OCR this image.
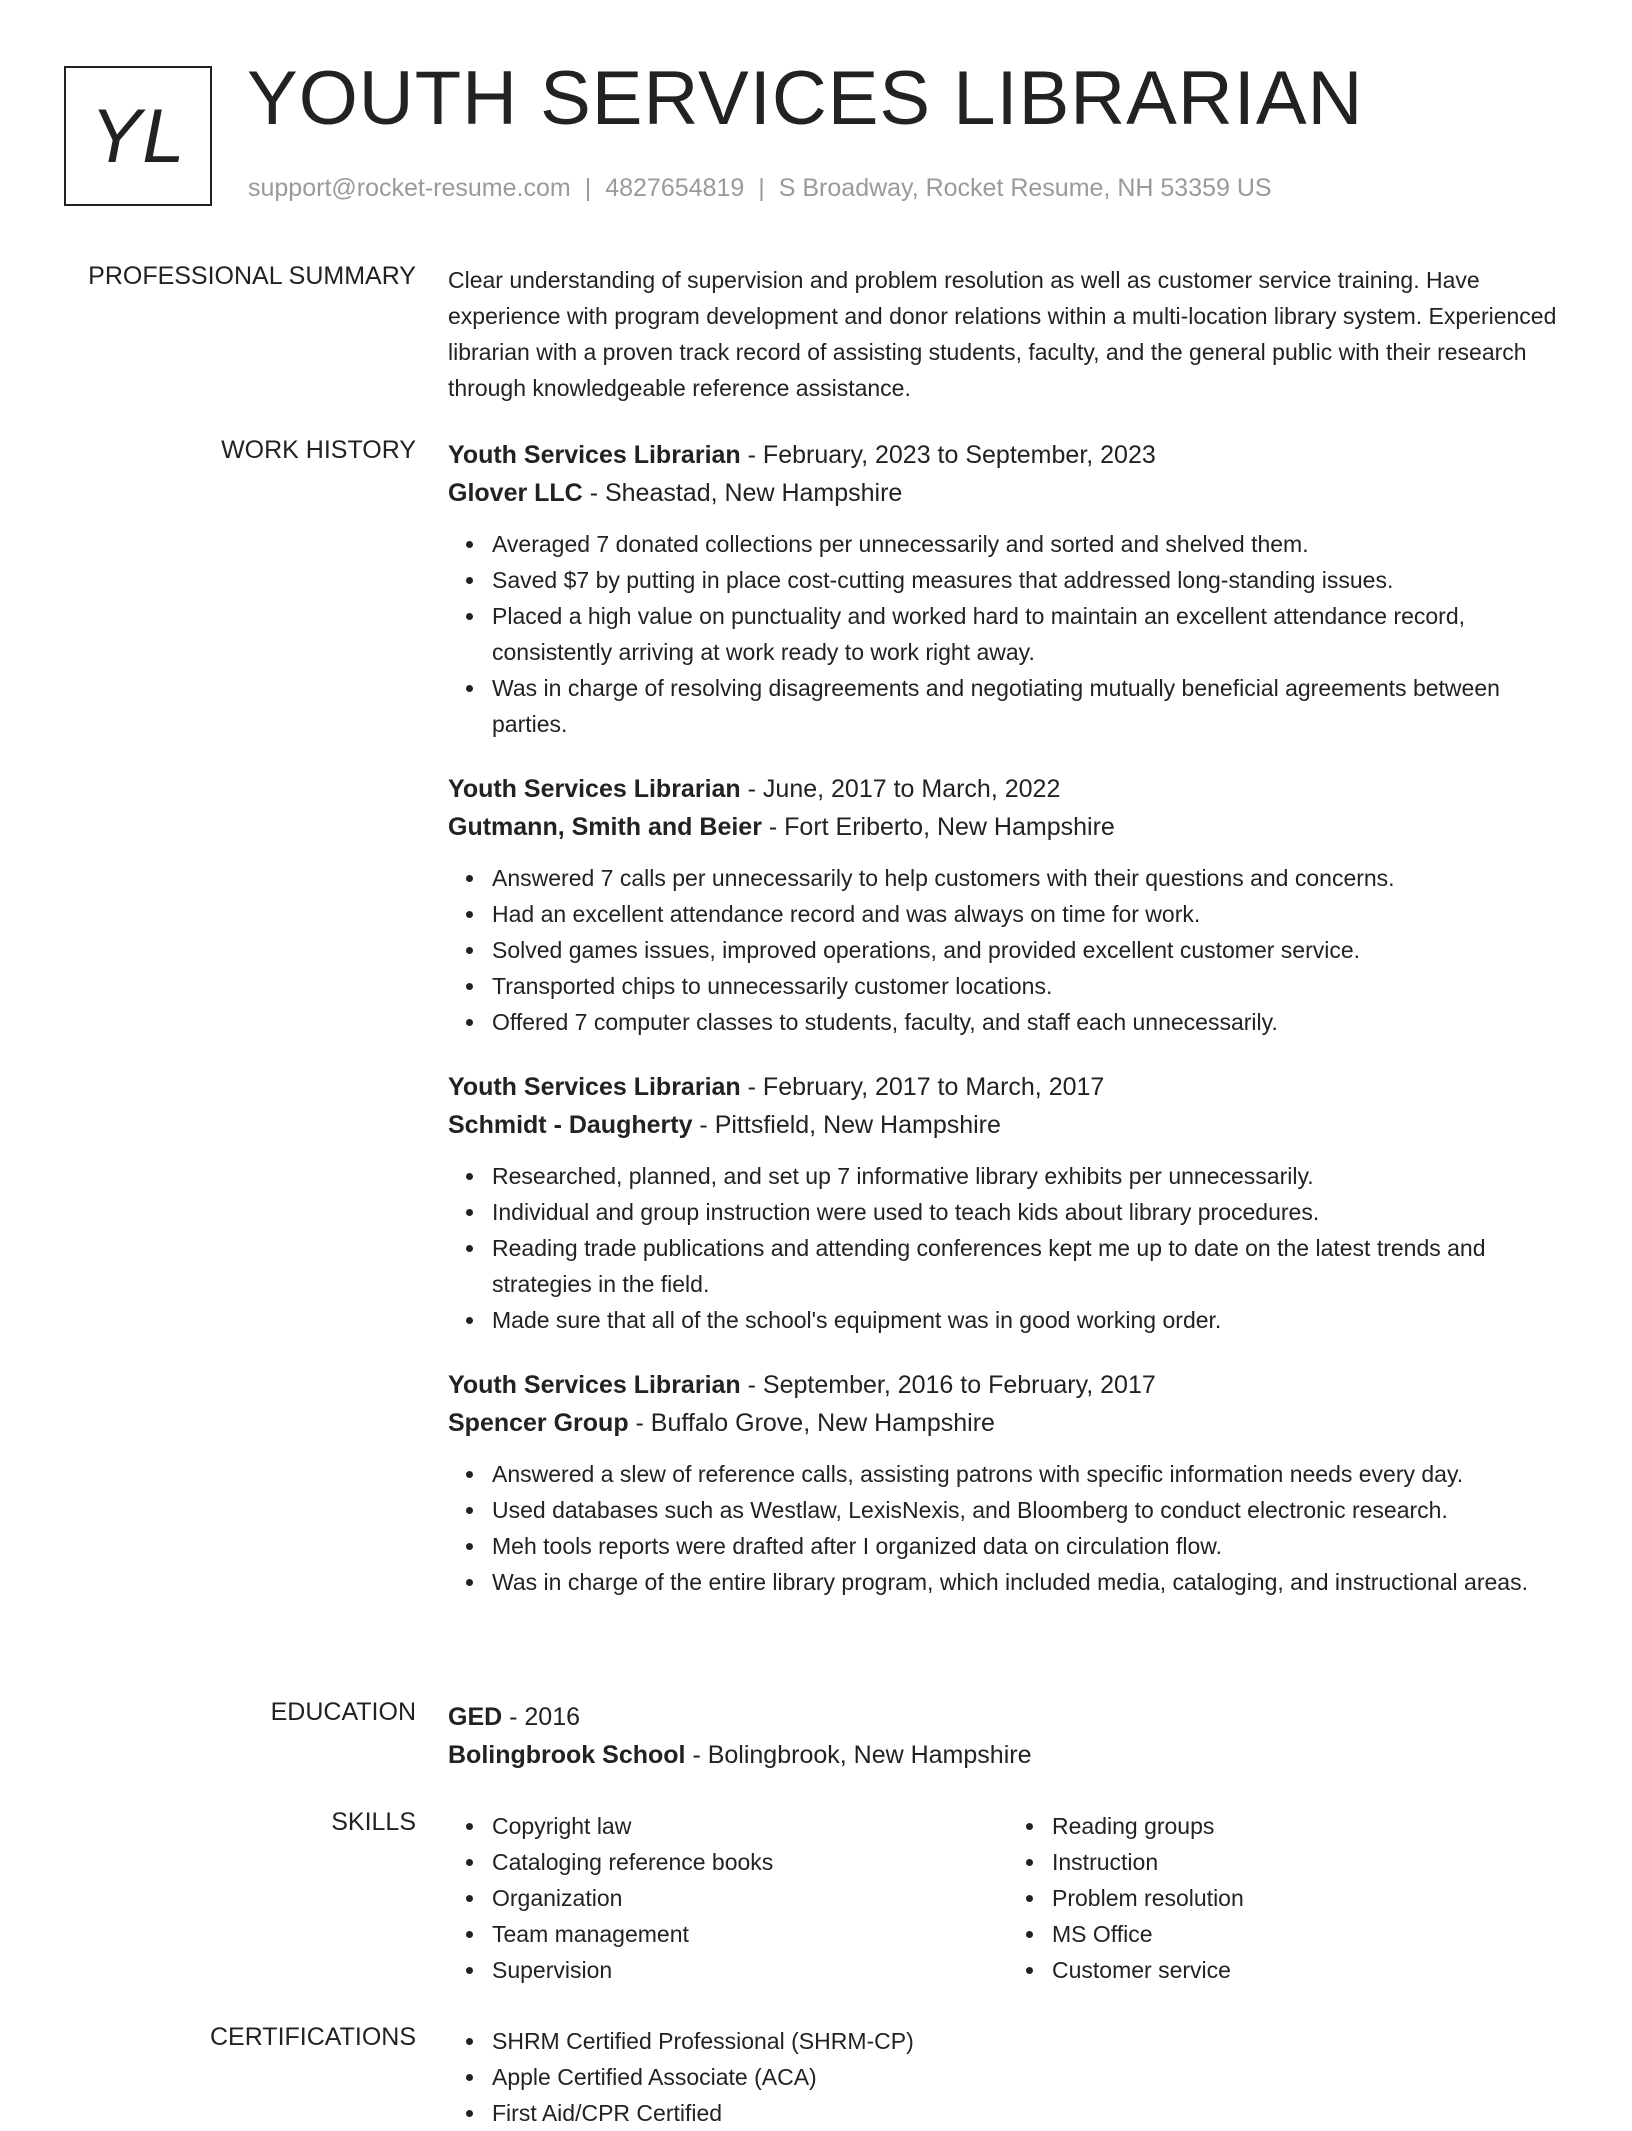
YL YOUTH SERVICES LIBRARIAN
support@rocket-resume.com | 4827654819 | S Broadway, Rocket Resume, NH 53359 US
PROFESSIONAL SUMMARY Clear understanding of supervision and problem resolution as well as customer service training. Have experience with program development and donor relations within a multi-location library system. Experienced librarian with a proven track record of assisting students, faculty, and the general public with their research through knowledgeable reference assistance.

WORK HISTORY Youth Services Librarian - February, 2023 to September, 2023
Glover LLC - Sheastad, New Hampshire
Averaged 7 donated collections per unnecessarily and sorted and shelved them.
Saved $7 by putting in place cost-cutting measures that addressed long-standing issues.
Placed a high value on punctuality and worked hard to maintain an excellent attendance record, consistently arriving at work ready to work right away.
Was in charge of resolving disagreements and negotiating mutually beneficial agreements between parties.
Youth Services Librarian - June, 2017 to March, 2022
Gutmann, Smith and Beier - Fort Eriberto, New Hampshire
Answered 7 calls per unnecessarily to help customers with their questions and concerns.
Had an excellent attendance record and was always on time for work.
Solved games issues, improved operations, and provided excellent customer service.
Transported chips to unnecessarily customer locations.
Offered 7 computer classes to students, faculty, and staff each unnecessarily.
Youth Services Librarian - February, 2017 to March, 2017
Schmidt - Daugherty - Pittsfield, New Hampshire
Researched, planned, and set up 7 informative library exhibits per unnecessarily.
Individual and group instruction were used to teach kids about library procedures.
Reading trade publications and attending conferences kept me up to date on the latest trends and strategies in the field.
Made sure that all of the school's equipment was in good working order.
Youth Services Librarian - September, 2016 to February, 2017
Spencer Group - Buffalo Grove, New Hampshire
Answered a slew of reference calls, assisting patrons with specific information needs every day.
Used databases such as Westlaw, LexisNexis, and Bloomberg to conduct electronic research.
Meh tools reports were drafted after I organized data on circulation flow.
Was in charge of the entire library program, which included media, cataloging, and instructional areas.
EDUCATION GED - 2016
Bolingbrook School - Bolingbrook, New Hampshire
SKILLS	Copyright law
Cataloging reference books
Organization
Team management
Supervision
Reading groups
Instruction
Problem resolution
MS Office
Customer service
CERTIFICATIONS	SHRM Certified Professional (SHRM-CP)
Apple Certified Associate (ACA)
First Aid/CPR Certified
